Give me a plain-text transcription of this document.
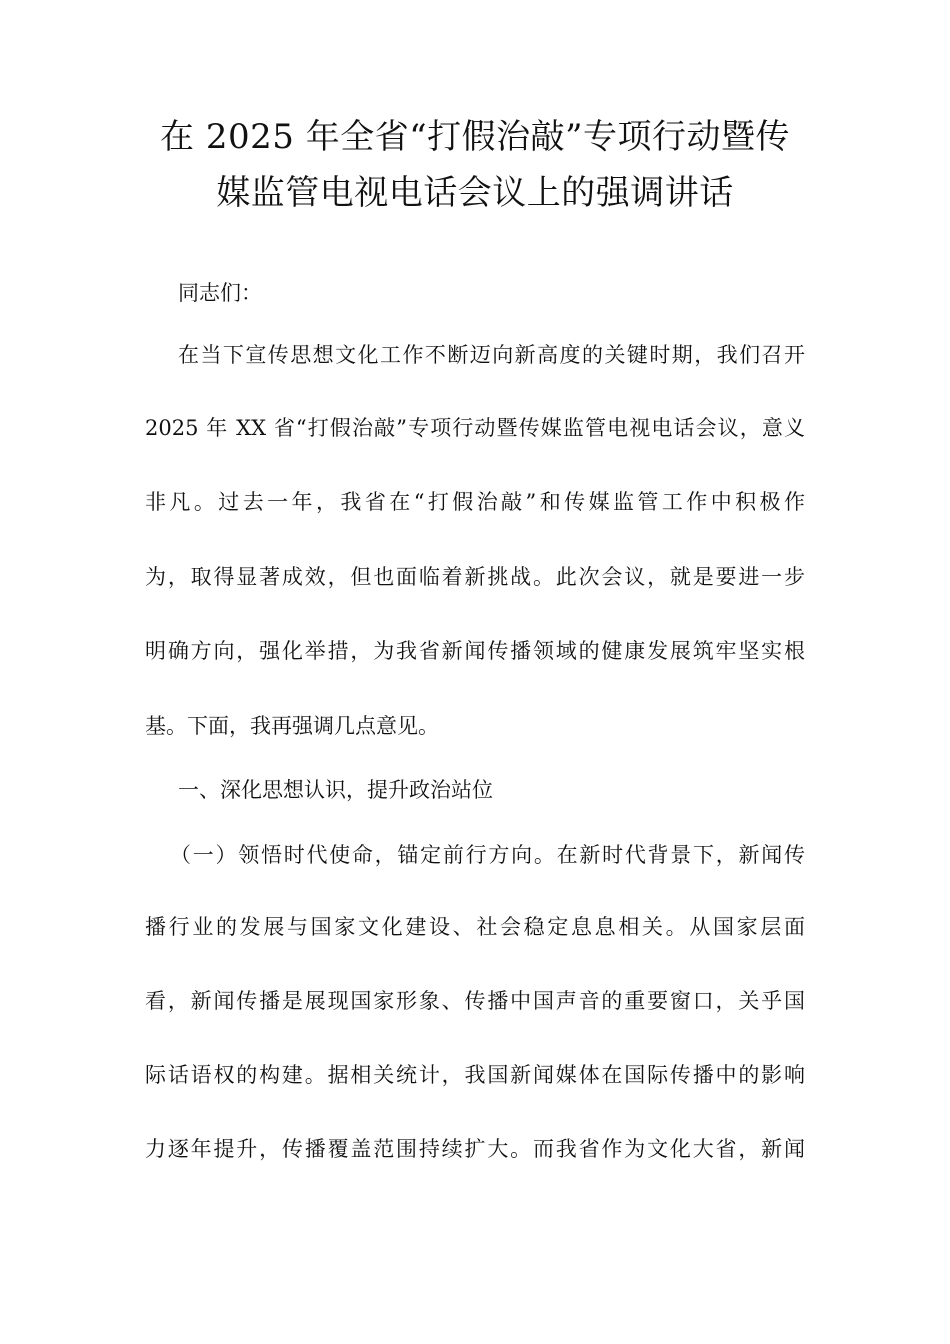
在 2025 年全省“打假治敲”专项行动暨传
媒监管电视电话会议上的强调讲话
同志们：
在当下宣传思想文化工作不断迈向新高度的关键时期，我们召开
2025 年 XX 省“打假治敲”专项行动暨传媒监管电视电话会议，意义
非凡。过去一年，我省在“打假治敲”和传媒监管工作中积极作
为，取得显著成效，但也面临着新挑战。此次会议，就是要进一步
明确方向，强化举措，为我省新闻传播领域的健康发展筑牢坚实根
基。下面，我再强调几点意见。
一、深化思想认识，提升政治站位
（一）领悟时代使命，锚定前行方向。在新时代背景下，新闻传
播行业的发展与国家文化建设、社会稳定息息相关。从国家层面
看，新闻传播是展现国家形象、传播中国声音的重要窗口，关乎国
际话语权的构建。据相关统计，我国新闻媒体在国际传播中的影响
力逐年提升，传播覆盖范围持续扩大。而我省作为文化大省，新闻
